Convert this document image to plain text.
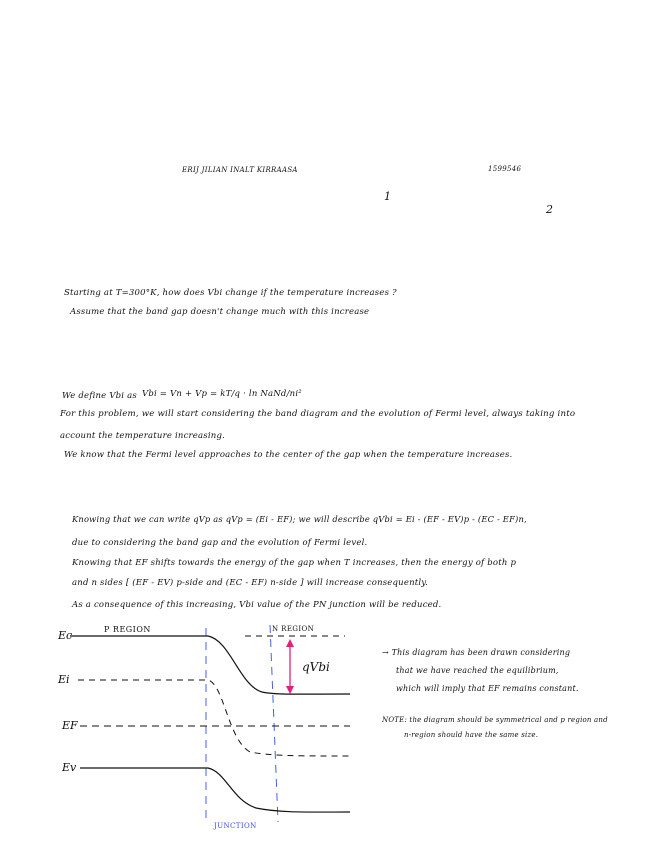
ERIJ JILIAN INALT KIRRAASA	1599546
1
2
Starting at T=300°K, how does Vbi change if the temperature increases ?
Assume that the band gap doesn't change much with this increase
We define Vbi as Vbi = Vn + Vp = kT/q · ln NaNd/ni²
For this problem, we will start considering the band diagram and the evolution of Fermi level, always taking into
account the temperature increasing.
We know that the Fermi level approaches to the center of the gap when the temperature increases.
Knowing that we can write qVp as qVp = (Ei - EF); we will describe qVbi = Ei - (EF - EV)p - (EC - EF)n,
due to considering the band gap and the evolution of Fermi level.
Knowing that EF shifts towards the energy of the gap when T increases, then the energy of both p
and n sides [ (EF - EV) p-side and (EC - EF) n-side ] will increase consequently.
As a consequence of this increasing, Vbi value of the PN junction will be reduced.
P REGION	N REGION
Ec
Ei
EF
Ev
qVbi
JUNCTION
→ This diagram has been drawn considering
that we have reached the equilibrium,
which will imply that EF remains constant.
NOTE: the diagram should be symmetrical and p region and
n-region should have the same size.
